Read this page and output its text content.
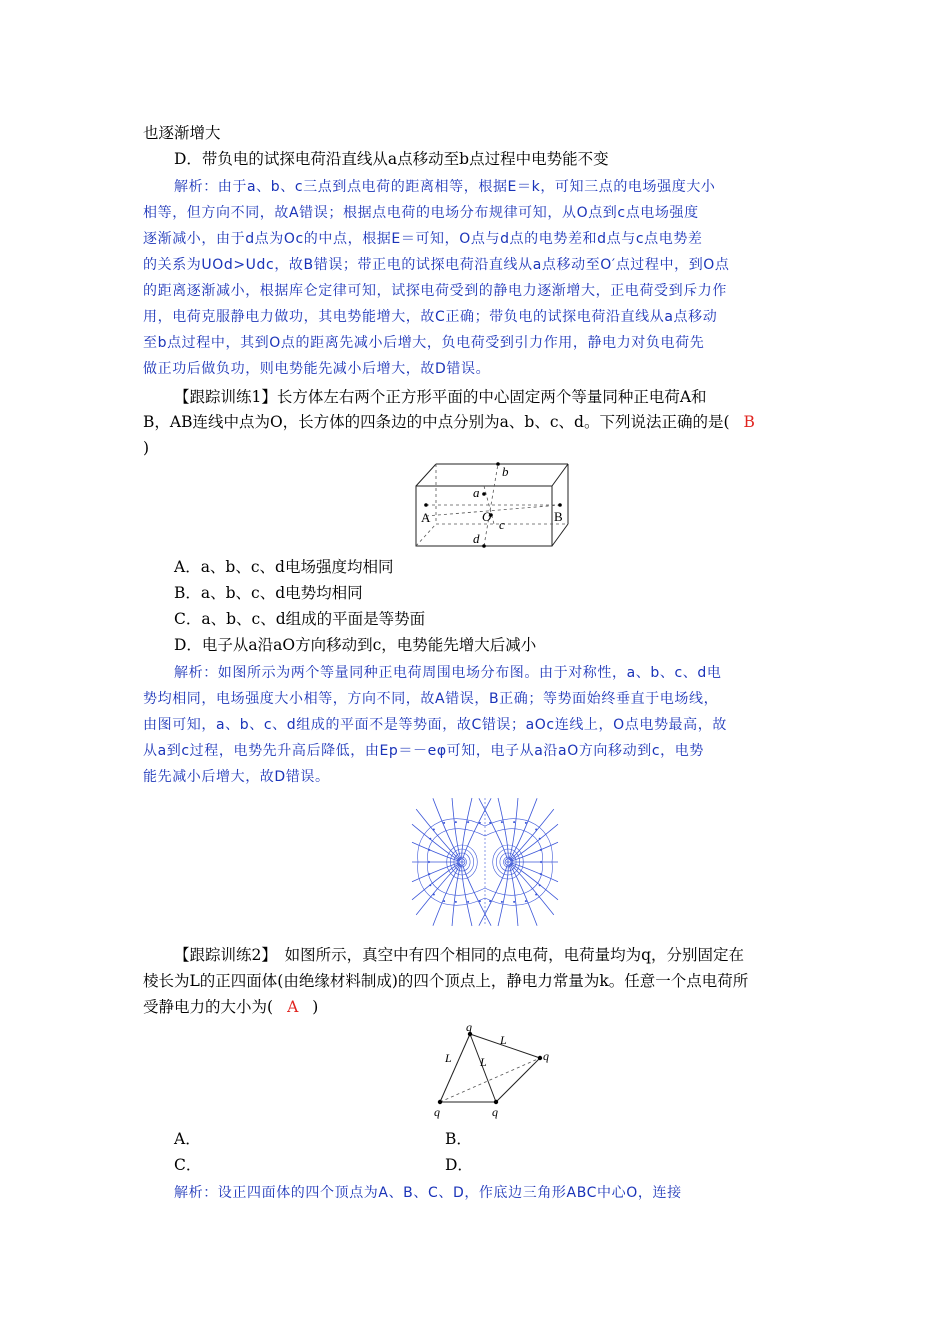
也逐渐增大
D．带负电的试探电荷沿直线从a点移动至b点过程中电势能不变
解析：由于a、b、c三点到点电荷的距离相等，根据E＝k，可知三点的电场强度大小
相等，但方向不同，故A错误；根据点电荷的电场分布规律可知，从O点到c点电场强度
逐渐减小，由于d点为Oc的中点，根据E＝可知，O点与d点的电势差和d点与c点电势差
的关系为UOd>Udc，故B错误；带正电的试探电荷沿直线从a点移动至O′点过程中，到O点
的距离逐渐减小，根据库仑定律可知，试探电荷受到的静电力逐渐增大，正电荷受到斥力作
用，电荷克服静电力做功，其电势能增大，故C正确；带负电的试探电荷沿直线从a点移动
至b点过程中，其到O点的距离先减小后增大，负电荷受到引力作用，静电力对负电荷先
做正功后做负功，则电势能先减小后增大，故D错误。
【跟踪训练1】长方体左右两个正方形平面的中心固定两个等量同种正电荷A和
B，AB连线中点为O，长方体的四条边的中点分别为a、b、c、d。下列说法正确的是( B
)
A	B
O
b
a
c
d
A．a、b、c、d电场强度均相同
B．a、b、c、d电势均相同
C．a、b、c、d组成的平面是等势面
D．电子从a沿aO方向移动到c，电势能先增大后减小
解析：如图所示为两个等量同种正电荷周围电场分布图。由于对称性，a、b、c、d电
势均相同，电场强度大小相等，方向不同，故A错误，B正确；等势面始终垂直于电场线，
由图可知，a、b、c、d组成的平面不是等势面，故C错误；aOc连线上，O点电势最高，故
从a到c过程，电势先升高后降低，由Ep＝－eφ可知，电子从a沿aO方向移动到c，电势
能先减小后增大，故D错误。
【跟踪训练2】　如图所示，真空中有四个相同的点电荷，电荷量均为q，分别固定在
棱长为L的正四面体(由绝缘材料制成)的四个顶点上，静电力常量为k。任意一个点电荷所
受静电力的大小为( A )
q
q
q	q
L
L
L
A．	B．
C．	D．
解析：设正四面体的四个顶点为A、B、C、D，作底边三角形ABC中心O，连接
